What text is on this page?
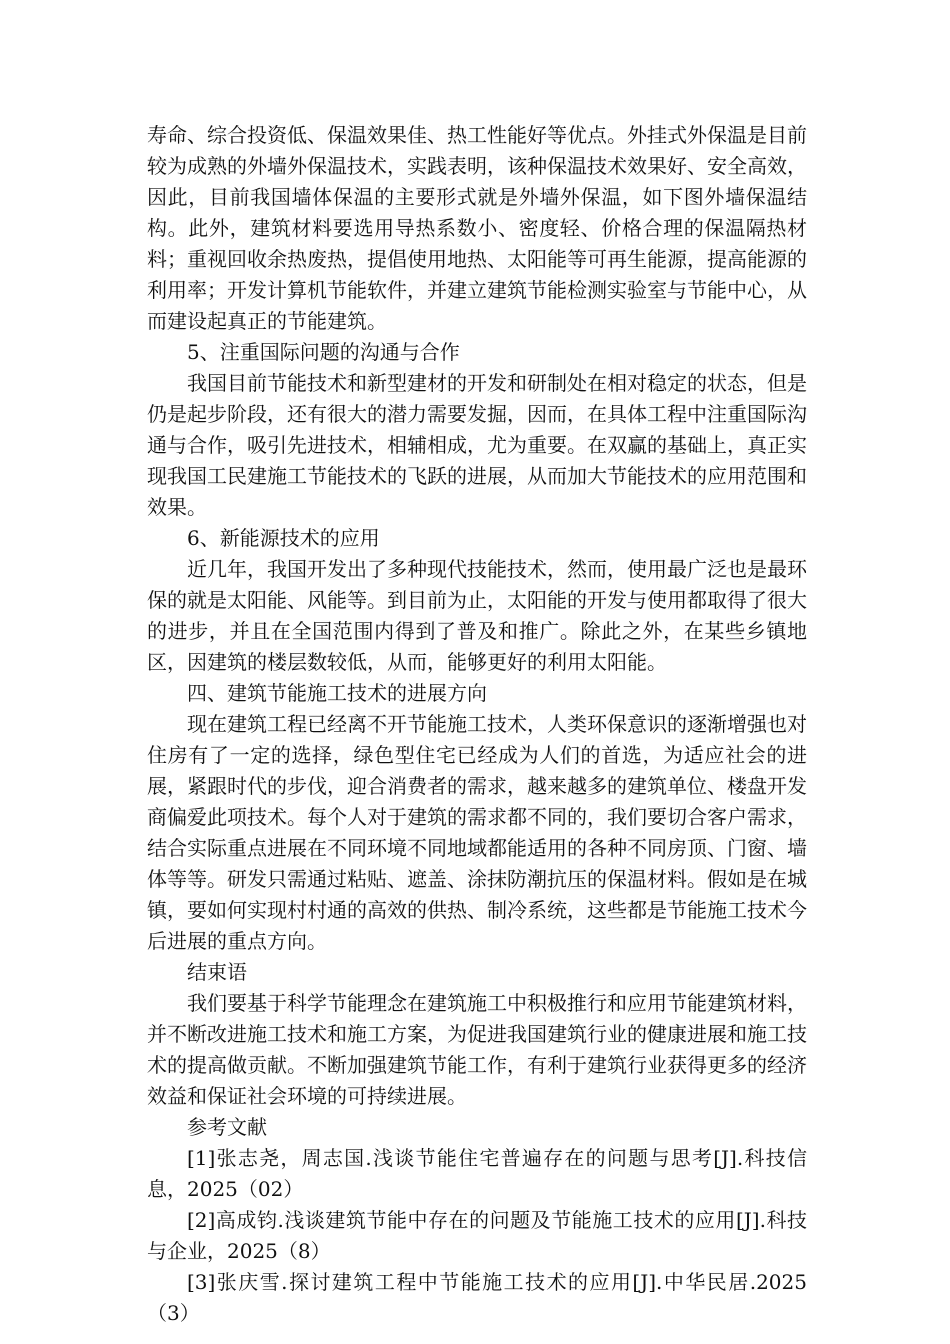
寿命、综合投资低、保温效果佳、热工性能好等优点。外挂式外保温是目前较为成熟的外墙外保温技术，实践表明，该种保温技术效果好、安全高效，因此，目前我国墙体保温的主要形式就是外墙外保温，如下图外墙保温结构。此外，建筑材料要选用导热系数小、密度轻、价格合理的保温隔热材料；重视回收余热废热，提倡使用地热、太阳能等可再生能源，提高能源的利用率；开发计算机节能软件，并建立建筑节能检测实验室与节能中心，从而建设起真正的节能建筑。

5、注重国际问题的沟通与合作

我国目前节能技术和新型建材的开发和研制处在相对稳定的状态，但是仍是起步阶段，还有很大的潜力需要发掘，因而，在具体工程中注重国际沟通与合作，吸引先进技术，相辅相成，尤为重要。在双赢的基础上，真正实现我国工民建施工节能技术的飞跃的进展，从而加大节能技术的应用范围和效果。

6、新能源技术的应用

近几年，我国开发出了多种现代技能技术，然而，使用最广泛也是最环保的就是太阳能、风能等。到目前为止，太阳能的开发与使用都取得了很大的进步，并且在全国范围内得到了普及和推广。除此之外，在某些乡镇地区，因建筑的楼层数较低，从而，能够更好的利用太阳能。

四、建筑节能施工技术的进展方向

现在建筑工程已经离不开节能施工技术，人类环保意识的逐渐增强也对住房有了一定的选择，绿色型住宅已经成为人们的首选，为适应社会的进展，紧跟时代的步伐，迎合消费者的需求，越来越多的建筑单位、楼盘开发商偏爱此项技术。每个人对于建筑的需求都不同的，我们要切合客户需求，结合实际重点进展在不同环境不同地域都能适用的各种不同房顶、门窗、墙体等等。研发只需通过粘贴、遮盖、涂抹防潮抗压的保温材料。假如是在城镇，要如何实现村村通的高效的供热、制冷系统，这些都是节能施工技术今后进展的重点方向。

结束语

我们要基于科学节能理念在建筑施工中积极推行和应用节能建筑材料，并不断改进施工技术和施工方案，为促进我国建筑行业的健康进展和施工技术的提高做贡献。不断加强建筑节能工作，有利于建筑行业获得更多的经济效益和保证社会环境的可持续进展。

参考文献

[1]张志尧，周志国.浅谈节能住宅普遍存在的问题与思考[J].科技信息，2025（02）

[2]高成钧.浅谈建筑节能中存在的问题及节能施工技术的应用[J].科技与企业，2025（8）

[3]张庆雪.探讨建筑工程中节能施工技术的应用[J].中华民居.2025（3）
